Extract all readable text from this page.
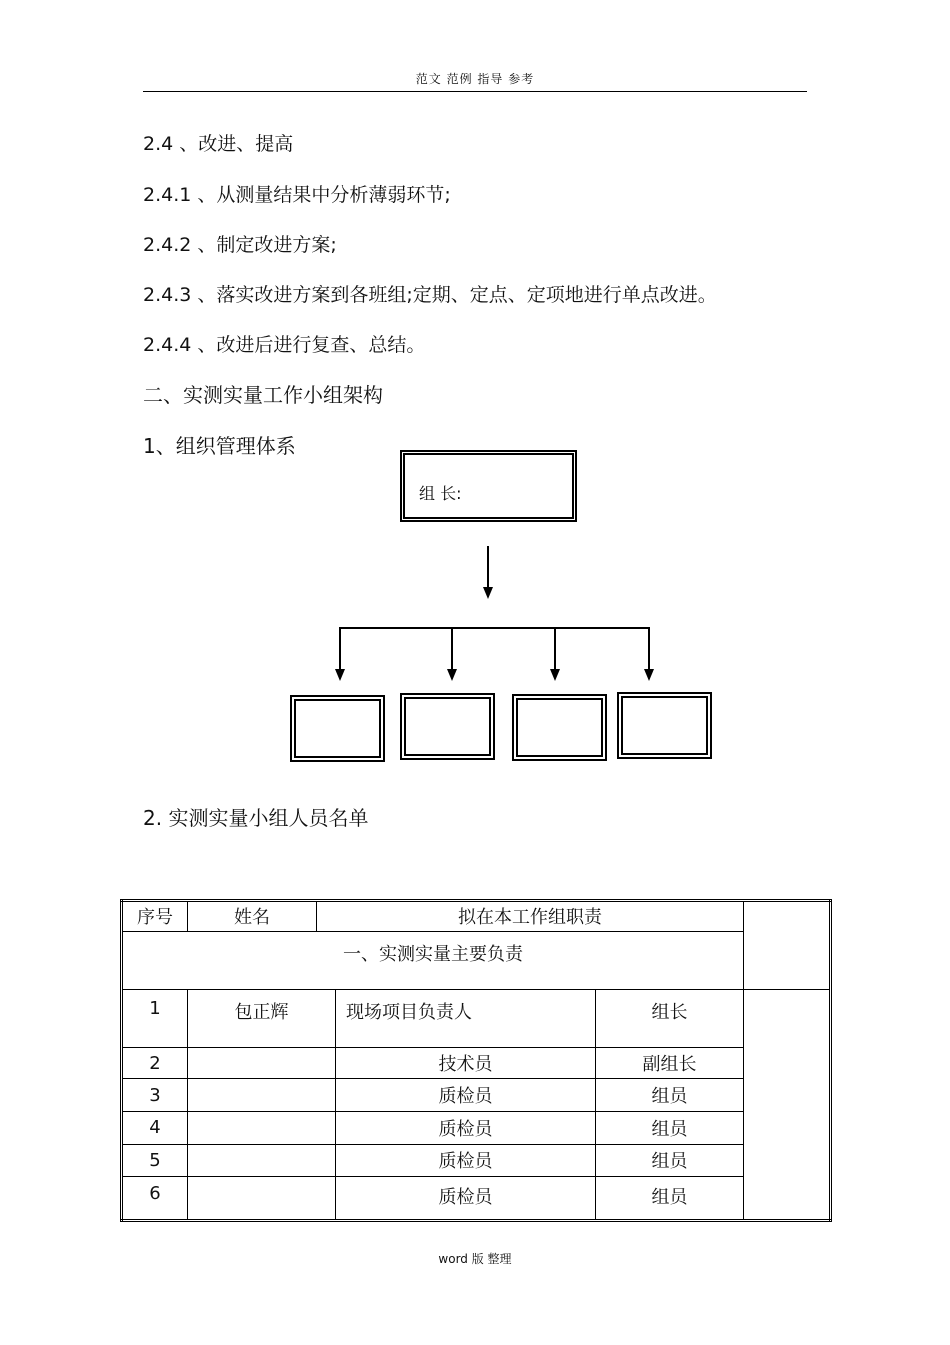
范文 范例 指导 参考
2.4 、改进、提高
2.4.1 、从测量结果中分析薄弱环节;
2.4.2 、制定改进方案;
2.4.3 、落实改进方案到各班组;定期、定点、定项地进行单点改进。
2.4.4 、改进后进行复查、总结。
二、实测实量工作小组架构
1、组织管理体系
组 长:
2. 实测实量小组人员名单
序号	姓名	拟在本工作组职责			
一、实测实量主要负责					
1	包正辉		现场项目负责人	组长	
2			技术员	副组长	
3			质检员	组员	
4			质检员	组员	
5			质检员	组员	
6			质检员	组员	
word 版 整理
